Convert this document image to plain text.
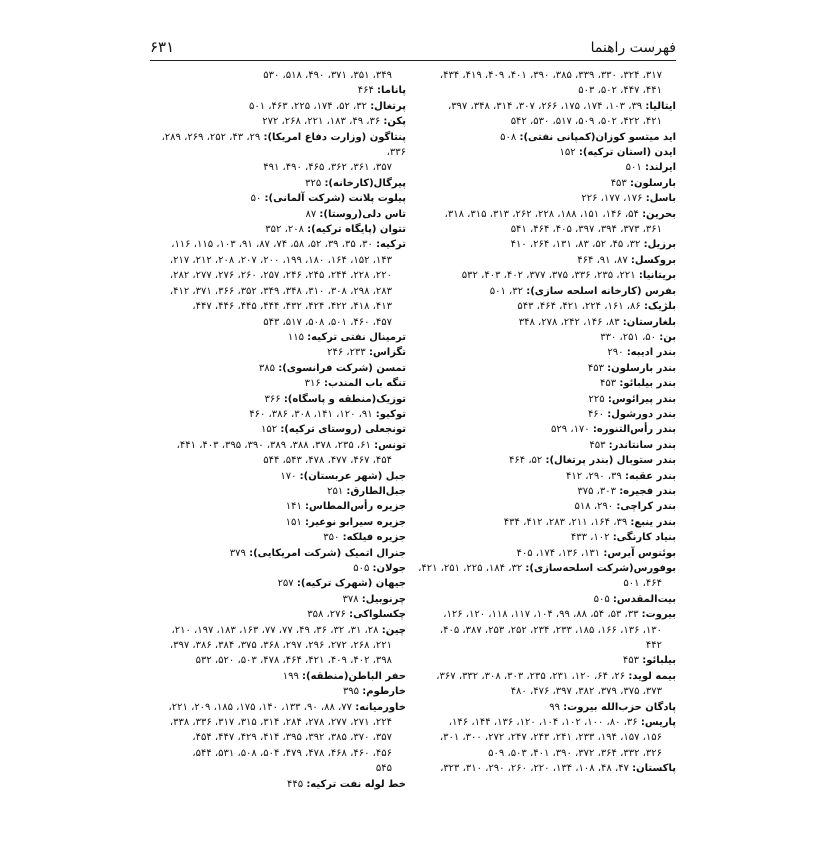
فهرست راهنما
۶۳۱

۳۱۷، ۳۲۴، ۳۳۰، ۳۳۹، ۳۸۵، ۳۹۰، ۴۰۱، ۴۰۹، ۴۱۹، ۴۳۴،

۴۴۱، ۴۴۷، ۵۰۲، ۵۰۳

ایتالیا: ۳۹، ۱۰۳، ۱۷۴، ۱۷۵، ۲۶۶، ۳۰۷، ۳۱۴، ۳۴۸، ۳۹۷،

۴۲۱، ۴۲۲، ۵۰۲، ۵۰۹، ۵۱۷، ۵۳۰، ۵۴۲

اید میتسو کوزان(کمپانی نفتی): ۵۰۸

ایدن (استان ترکیه): ۱۵۲

ایرلند: ۵۰۱

بارسلون: ۴۵۳

باسل: ۱۷۶، ۱۷۷، ۲۲۶

بحرین: ۵۴، ۱۴۶، ۱۵۱، ۱۸۸، ۲۲۸، ۲۶۲، ۳۱۳، ۳۱۵، ۳۱۸،

۳۶۱، ۳۷۳، ۳۹۴، ۳۹۷، ۴۰۵، ۴۶۴، ۵۴۱

برزیل: ۳۲، ۴۵، ۵۲، ۸۳، ۱۳۱، ۲۶۴، ۴۱۰

بروکسل: ۸۷، ۹۱، ۴۶۴

بریتانیا: ۲۲۱، ۲۳۵، ۳۳۶، ۳۷۵، ۳۷۷، ۴۰۲، ۴۰۳، ۵۳۲

بفرس (کارخانه اسلحه سازی): ۳۲، ۵۰۱

بلژیک: ۸۶، ۱۶۱، ۲۲۴، ۴۲۱، ۴۶۴، ۵۴۳

بلغارستان: ۸۳، ۱۴۶، ۲۴۲، ۲۷۸، ۳۴۸

بن: ۵۰، ۲۵۱، ۳۳۰

بندر ادیبه: ۲۹۰

بندر بارسلون: ۴۵۳

بندر بیلبائو: ۴۵۳

بندر پیرائوس: ۲۲۵

بندر دورشول: ۴۶۰

بندر رأس‌التنوره: ۱۷۰، ۵۲۹

بندر سانتاندر: ۴۵۳

بندر ستوبال (بندر پرتغال): ۵۲، ۴۶۴

بندر عقبه: ۳۹، ۲۹۰، ۴۱۲

بندر فجیره: ۳۰۳، ۳۷۵

بندر کراچی: ۲۹۰، ۵۱۸

بندر ینبع: ۳۹، ۱۶۴، ۲۱۱، ۲۸۳، ۴۱۲، ۴۳۴

بنیاد کارنگی: ۱۰۲، ۴۳۳

بوئنوس آیرس: ۱۳۱، ۱۳۶، ۱۷۴، ۴۰۵

بوفورس(شرکت اسلحه‌سازی): ۳۲، ۱۸۴، ۲۲۵، ۲۵۱، ۴۲۱،

۴۶۴، ۵۰۱

بیت‌المقدس: ۵۰۵

بیروت: ۳۳، ۵۳، ۵۴، ۸۸، ۹۹، ۱۰۴، ۱۱۷، ۱۱۸، ۱۲۰، ۱۲۶،

۱۳۰، ۱۳۶، ۱۶۶، ۱۸۵، ۲۳۳، ۲۳۴، ۲۵۲، ۲۵۳، ۳۸۷، ۴۰۵،

۴۴۲

بیلبائو: ۴۵۳

بیمه لوید: ۲۶، ۶۴، ۱۲۰، ۲۳۱، ۲۳۵، ۳۰۳، ۳۰۸، ۳۳۲، ۳۶۷،

۳۷۳، ۳۷۵، ۳۷۹، ۳۸۲، ۳۹۷، ۴۷۶، ۴۸۰

پادگان حزب‌الله بیروت: ۹۹

پاریس: ۳۶، ۸۰، ۱۰۰، ۱۰۲، ۱۰۴، ۱۲۰، ۱۳۶، ۱۴۴، ۱۴۶،

۱۵۶، ۱۵۷، ۱۹۴، ۲۳۳، ۲۴۱، ۲۴۳، ۲۴۷، ۲۷۲، ۳۰۰، ۳۰۱،

۳۲۶، ۳۳۲، ۳۶۴، ۳۷۲، ۳۹۰، ۴۰۱، ۵۰۳، ۵۰۹

پاکستان: ۴۷، ۴۸، ۱۰۸، ۱۳۴، ۲۲۰، ۲۶۰، ۲۹۰، ۳۱۰، ۳۲۳،

۳۴۹، ۳۵۱، ۳۷۱، ۴۹۰، ۵۱۸، ۵۳۰

پاناما: ۴۶۴

پرتغال: ۳۲، ۵۲، ۱۷۴، ۲۲۵، ۴۶۳، ۵۰۱

پکن: ۳۶، ۴۹، ۱۸۳، ۲۲۱، ۲۶۸، ۲۷۲

پنتاگون (وزارت دفاع امریکا): ۲۹، ۴۳، ۲۵۲، ۲۶۹، ۲۸۹، ۳۳۶،

۳۵۷، ۳۶۱، ۳۶۲، ۴۶۵، ۴۹۰، ۴۹۱

پیرگال(کارخانه): ۳۲۵

پیلوت پلانت (شرکت آلمانی): ۵۰

تاس دلی(روستا): ۸۷

تتوان (پایگاه ترکیه): ۲۰۸، ۳۵۲

ترکیه: ۳۰، ۳۵، ۳۹، ۵۲، ۵۸، ۷۴، ۸۷، ۹۱، ۱۰۳، ۱۱۵، ۱۱۶،

۱۴۳، ۱۵۲، ۱۶۴، ۱۸۰، ۱۹۹، ۲۰۰، ۲۰۷، ۲۰۸، ۲۱۲، ۲۱۷،

۲۲۰، ۲۲۸، ۲۴۴، ۲۴۵، ۲۴۶، ۲۵۷، ۲۶۰، ۲۷۶، ۲۷۷، ۲۸۲،

۲۸۳، ۲۹۸، ۳۰۸، ۳۱۰، ۳۴۸، ۳۴۹، ۳۵۲، ۳۶۶، ۳۷۱، ۴۱۲،

۴۱۳، ۴۱۸، ۴۲۲، ۴۲۴، ۴۳۲، ۴۴۴، ۴۴۵، ۴۴۶، ۴۴۷،

۴۵۷، ۴۶۰، ۵۰۱، ۵۰۸، ۵۱۷، ۵۴۳

ترمینال نفتی ترکیه: ۱۱۵

تگزاس: ۲۳۳، ۲۴۶

تمسن (شرکت فرانسوی): ۳۸۵

تنگه باب المندب: ۳۱۶

توزیک(منطقه و پاسگاه): ۳۶۶

توکیو: ۹۱، ۱۲۰، ۱۴۱، ۳۰۸، ۳۸۶، ۴۶۰

تونجعلی (روستای ترکیه): ۱۵۲

تونس: ۶۱، ۲۳۵، ۳۷۸، ۳۸۸، ۳۸۹، ۳۹۰، ۳۹۵، ۴۰۳، ۴۴۱،

۴۵۴، ۴۶۷، ۴۷۷، ۴۷۸، ۵۴۳، ۵۴۴

جبل (شهر عربستان): ۱۷۰

جبل‌الطارق: ۲۵۱

جزیره رأس‌المطاس: ۱۴۱

جزیره سیرابو نوعیر: ۱۵۱

جزیره فیلکه: ۳۵۰

جنرال اتمیک (شرکت امریکایی): ۳۷۹

جولان: ۵۰۵

جیهان (شهرک ترکیه): ۲۵۷

چرنوبیل: ۳۷۸

چکسلواکی: ۲۷۶، ۳۵۸

چین: ۲۸، ۳۱، ۳۲، ۳۶، ۴۹، ۷۷، ۷۷، ۱۶۳، ۱۸۳، ۱۹۷، ۲۱۰،

۲۲۱، ۲۶۸، ۲۷۲، ۲۹۶، ۲۹۷، ۳۶۸، ۳۷۵، ۳۸۴، ۳۸۶، ۳۹۷،

۳۹۸، ۴۰۲، ۴۰۹، ۴۲۱، ۴۶۴، ۴۷۸، ۵۰۳، ۵۲۰، ۵۳۲

حفر الباطن(منطقه): ۱۹۹

خارطوم: ۳۹۵

خاورمیانه: ۷۷، ۸۸، ۹۰، ۱۳۳، ۱۴۰، ۱۷۵، ۱۸۵، ۲۰۹، ۲۲۱،

۲۲۴، ۲۷۱، ۲۷۷، ۲۷۸، ۲۸۴، ۳۱۴، ۳۱۵، ۳۱۷، ۳۳۶، ۳۳۸،

۳۵۷، ۳۷۰، ۳۸۵، ۳۹۲، ۳۹۵، ۴۱۴، ۴۲۹، ۴۴۷، ۴۵۴،

۴۵۶، ۴۶۰، ۴۶۸، ۴۷۸، ۴۷۹، ۵۰۴، ۵۰۸، ۵۳۱، ۵۴۴،

۵۴۵

خط لوله نفت ترکیه: ۴۴۵
